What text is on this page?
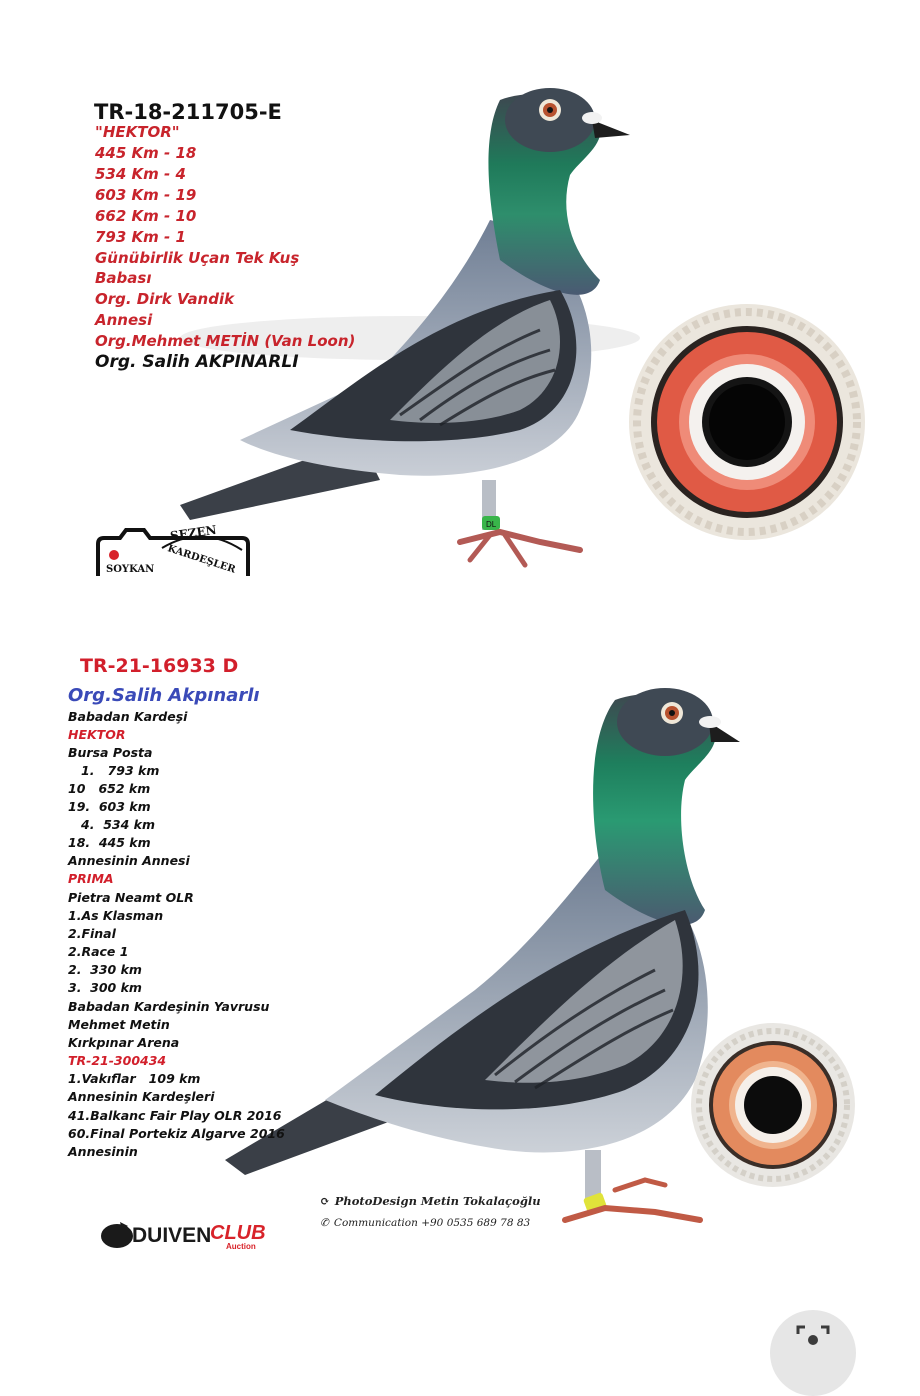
DL
TR-18-211705-E
"HEKTOR"
445 Km - 18
534 Km - 4
603 Km - 19
662 Km - 10
793 Km - 1
Günübirlik Uçan Tek Kuş
Babası
Org. Dirk Vandik
Annesi
Org.Mehmet METİN (Van Loon)
Org. Salih AKPINARLI
SEZEN
SOYKAN KARDEŞLER
TR-21-16933 D
Org.Salih Akpınarlı
Babadan Kardeşi
HEKTOR
Bursa Posta
1.   793 km
10   652 km
19.  603 km
4.  534 km
18.  445 km
Annesinin Annesi
PRIMA
Pietra Neamt OLR
1.As Klasman
2.Final
2.Race 1
2.  330 km
3.  300 km
Babadan Kardeşinin Yavrusu
Mehmet Metin
Kırkpınar Arena
TR-21-300434
1.Vakıflar   109 km
Annesinin Kardeşleri
41.Balkanc Fair Play OLR 2016
60.Final Portekiz Algarve 2016
Annesinin
⟳ PhotoDesign Metin Tokalaçoğlu
✆ Communication +90 0535 689 78 83
DUIVEN
CLUB
Auction
